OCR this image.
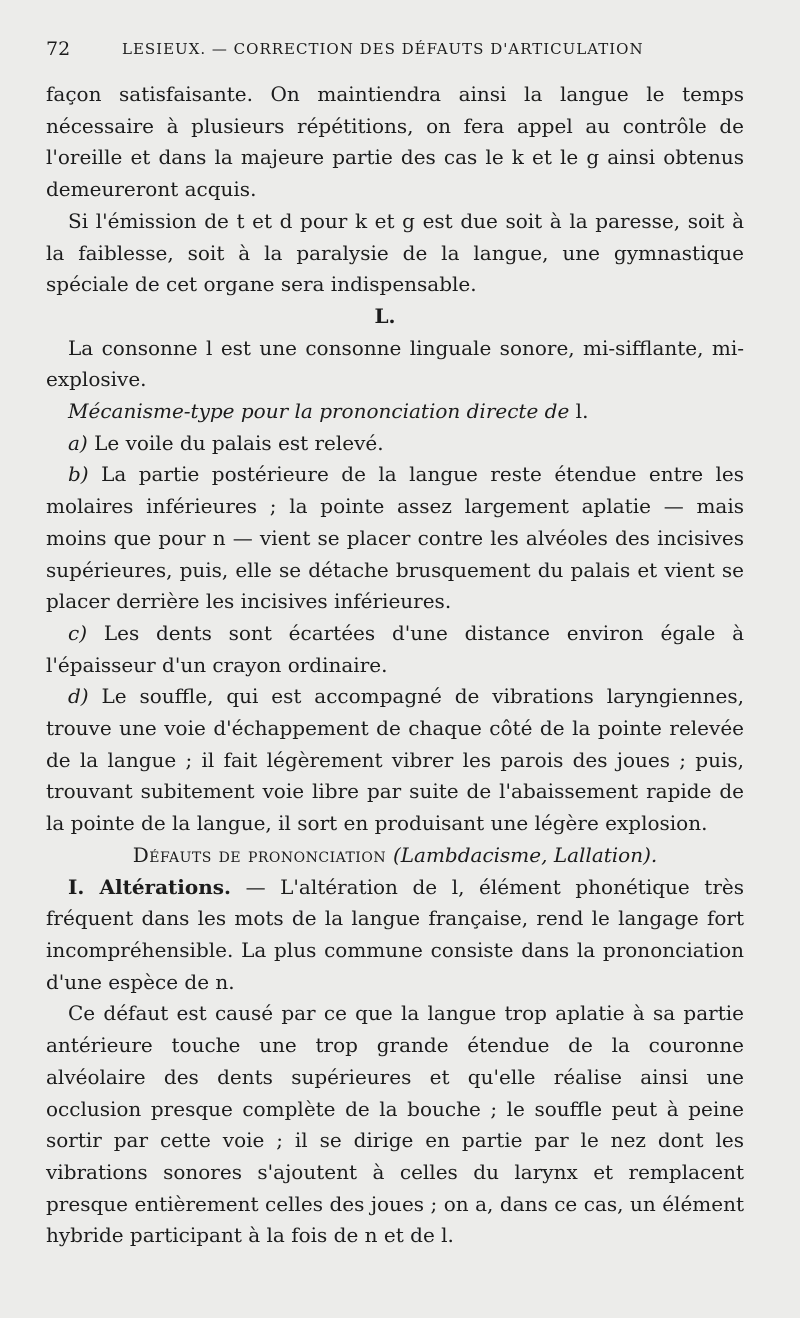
72	LESIEUX. — CORRECTION DES DÉFAUTS D'ARTICULATION

façon satisfaisante. On maintiendra ainsi la langue le temps nécessaire à plusieurs répétitions, on fera appel au contrôle de l'oreille et dans la majeure partie des cas le k et le g ainsi obtenus demeureront acquis.

Si l'émission de t et d pour k et g est due soit à la paresse, soit à la faiblesse, soit à la paralysie de la langue, une gymnastique spéciale de cet organe sera indispensable.

L.

La consonne l est une consonne linguale sonore, mi-sifflante, mi-explosive.

Mécanisme-type pour la prononciation directe de l.

a) Le voile du palais est relevé.

b) La partie postérieure de la langue reste étendue entre les molaires inférieures ; la pointe assez largement aplatie — mais moins que pour n — vient se placer contre les alvéoles des incisives supérieures, puis, elle se détache brusquement du palais et vient se placer derrière les incisives inférieures.

c) Les dents sont écartées d'une distance environ égale à l'épaisseur d'un crayon ordinaire.

d) Le souffle, qui est accompagné de vibrations laryngiennes, trouve une voie d'échappement de chaque côté de la pointe relevée de la langue ; il fait légèrement vibrer les parois des joues ; puis, trouvant subitement voie libre par suite de l'abaissement rapide de la pointe de la langue, il sort en produisant une légère explosion.

Défauts de prononciation (Lambdacisme, Lallation).

I. Altérations. — L'altération de l, élément phonétique très fréquent dans les mots de la langue française, rend le langage fort incompréhensible. La plus commune consiste dans la prononciation d'une espèce de n.

Ce défaut est causé par ce que la langue trop aplatie à sa partie antérieure touche une trop grande étendue de la couronne alvéolaire des dents supérieures et qu'elle réalise ainsi une occlusion presque complète de la bouche ; le souffle peut à peine sortir par cette voie ; il se dirige en partie par le nez dont les vibrations sonores s'ajoutent à celles du larynx et remplacent presque entièrement celles des joues ; on a, dans ce cas, un élément hybride participant à la fois de n et de l.
